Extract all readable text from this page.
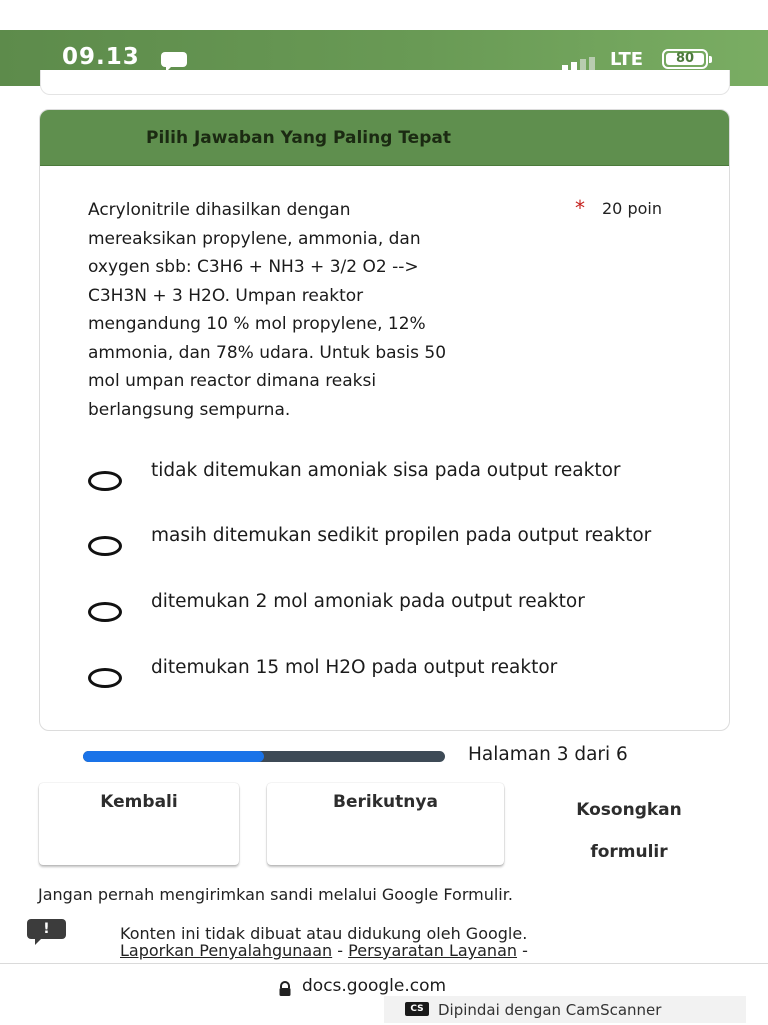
09.13	LTE	80
Pilih Jawaban Yang Paling Tepat
Acrylonitrile dihasilkan dengan
mereaksikan propylene, ammonia, dan
oxygen sbb: C3H6 + NH3 + 3/2 O2 -->
C3H3N + 3 H2O. Umpan reaktor
mengandung 10 % mol propylene, 12%
ammonia, dan 78% udara. Untuk basis 50
mol umpan reactor dimana reaksi
berlangsung sempurna.
* 20 poin
tidak ditemukan amoniak sisa pada output reaktor
masih ditemukan sedikit propilen pada output reaktor
ditemukan 2 mol amoniak pada output reaktor
ditemukan 15 mol H2O pada output reaktor
Halaman 3 dari 6
Kembali	Berikutnya	Kosongkan
formulir
Jangan pernah mengirimkan sandi melalui Google Formulir.
!	Konten ini tidak dibuat atau didukung oleh Google.
Laporkan Penyalahgunaan - Persyaratan Layanan -
docs.google.com
CS Dipindai dengan CamScanner
